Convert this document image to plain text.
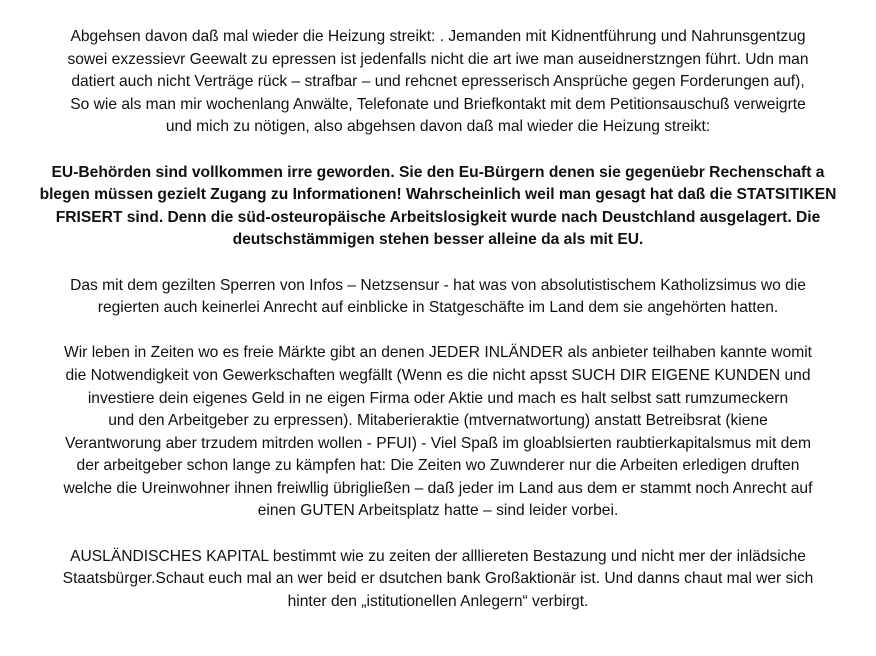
Abgehsen davon daß mal wieder die Heizung streikt: . Jemanden mit Kidnentführung und Nahrunsgentzug
sowei exzessievr Geewalt zu epressen ist jedenfalls nicht die art iwe man auseidnerstzngen führt. Udn man
datiert auch nicht Verträge rück – strafbar – und rehcnet epresserisch Ansprüche gegen Forderungen auf),
So wie als man mir wochenlang Anwälte, Telefonate und Briefkontakt mit dem Petitionsauschuß verweigrte
und mich zu nötigen, also abgehsen davon daß mal wieder die Heizung streikt:
EU-Behörden sind vollkommen irre geworden. Sie den Eu-Bürgern denen sie gegenüebr Rechenschaft a
blegen müssen gezielt Zugang zu Informationen! Wahrscheinlich weil man gesagt hat daß die STATSITIKEN
FRISERT sind. Denn die süd-osteuropäische Arbeitslosigkeit wurde nach Deustchland ausgelagert. Die
deutschstämmigen stehen besser alleine da als mit EU.
Das mit dem gezilten Sperren von Infos – Netzsensur - hat was von absolutistischem Katholizsimus wo die
regierten auch keinerlei Anrecht auf einblicke in Statgeschäfte im Land dem sie angehörten hatten.
Wir leben in Zeiten wo es freie Märkte gibt an denen JEDER INLÄNDER als anbieter teilhaben kannte womit
die Notwendigkeit von Gewerkschaften wegfällt (Wenn es die nicht apsst SUCH DIR EIGENE KUNDEN und
investiere dein eigenes Geld in ne eigen Firma oder Aktie und mach es halt selbst satt rumzumeckern
und den Arbeitgeber zu erpressen). Mitaberieraktie (mtvernatwortung) anstatt Betreibsrat (kiene
Verantworung aber trzudem mitrden wollen - PFUI) - Viel Spaß im gloablsierten raubtierkapitalsmus mit dem
der arbeitgeber schon lange zu kämpfen hat: Die Zeiten wo Zuwnderer nur die Arbeiten erledigen druften
welche die Ureinwohner ihnen freiwllig übrigließen – daß jeder im Land aus dem er stammt noch Anrecht auf
einen GUTEN Arbeitsplatz hatte – sind leider vorbei.
AUSLÄNDISCHES KAPITAL bestimmt wie zu zeiten der allliereten Bestazung und nicht mer der inlädsiche
Staatsbürger.Schaut euch mal an wer beid er dsutchen bank Großaktionär ist. Und danns chaut mal wer sich
hinter den „istitutionellen Anlegern“ verbirgt.
